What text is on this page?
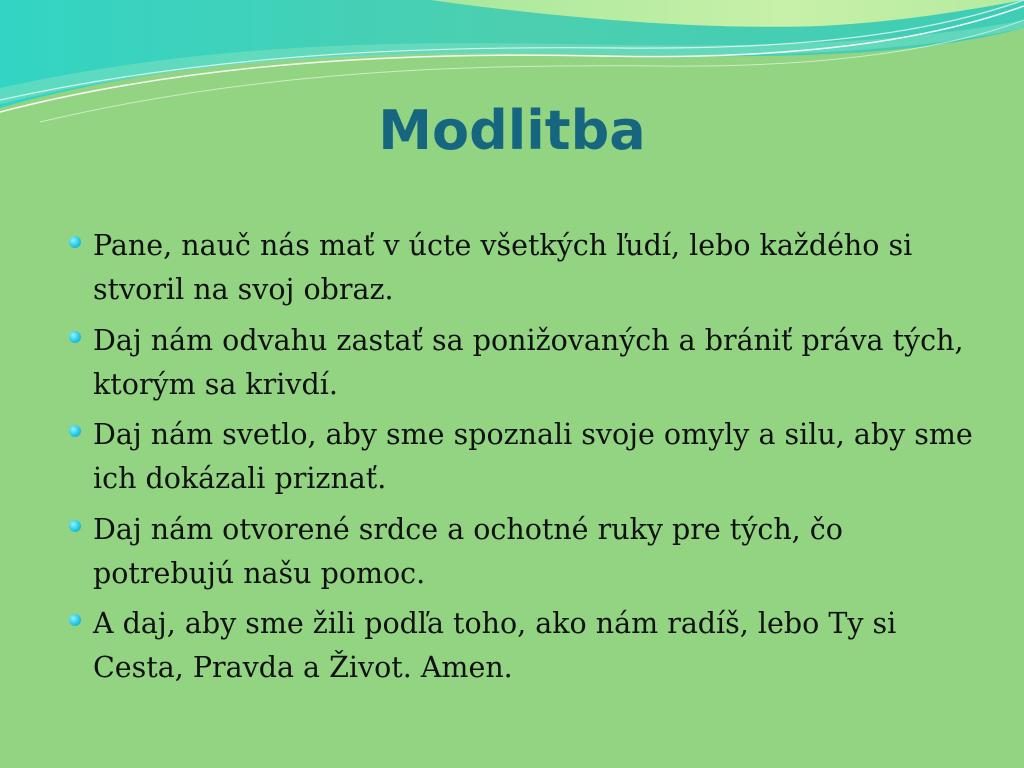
Modlitba
Pane, nauč nás mať v úcte všetkých ľudí, lebo každého si stvoril na svoj obraz.
Daj nám odvahu zastať sa ponižovaných a brániť práva tých, ktorým sa krivdí.
Daj nám svetlo, aby sme spoznali svoje omyly a silu, aby sme ich dokázali priznať.
Daj nám otvorené srdce a ochotné ruky pre tých, čo potrebujú našu pomoc.
A daj, aby sme žili podľa toho, ako nám radíš, lebo Ty si Cesta, Pravda a Život. Amen.
